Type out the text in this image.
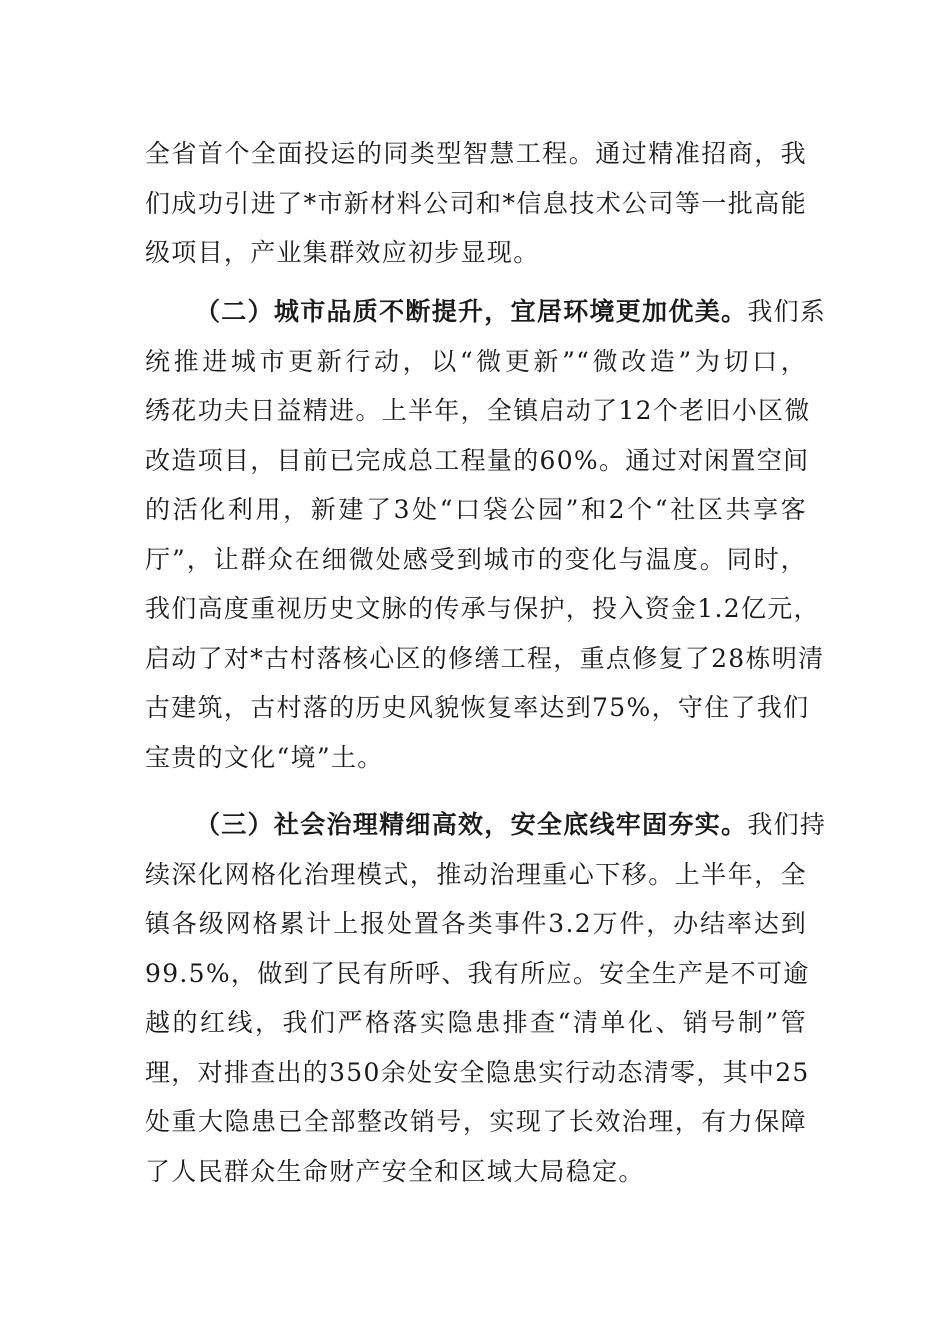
全省首个全面投运的同类型智慧工程。通过精准招商，我
们成功引进了*市新材料公司和*信息技术公司等一批高能
级项目，产业集群效应初步显现。
（二）城市品质不断提升，宜居环境更加优美。我们系
统推进城市更新行动，以“微更新”“微改造”为切口，
绣花功夫日益精进。上半年，全镇启动了12个老旧小区微
改造项目，目前已完成总工程量的60%。通过对闲置空间
的活化利用，新建了3处“口袋公园”和2个“社区共享客
厅”，让群众在细微处感受到城市的变化与温度。同时，
我们高度重视历史文脉的传承与保护，投入资金1.2亿元，
启动了对*古村落核心区的修缮工程，重点修复了28栋明清
古建筑，古村落的历史风貌恢复率达到75%，守住了我们
宝贵的文化“境”土。
（三）社会治理精细高效，安全底线牢固夯实。我们持
续深化网格化治理模式，推动治理重心下移。上半年，全
镇各级网格累计上报处置各类事件3.2万件，办结率达到
99.5%，做到了民有所呼、我有所应。安全生产是不可逾
越的红线，我们严格落实隐患排查“清单化、销号制”管
理，对排查出的350余处安全隐患实行动态清零，其中25
处重大隐患已全部整改销号，实现了长效治理，有力保障
了人民群众生命财产安全和区域大局稳定。
